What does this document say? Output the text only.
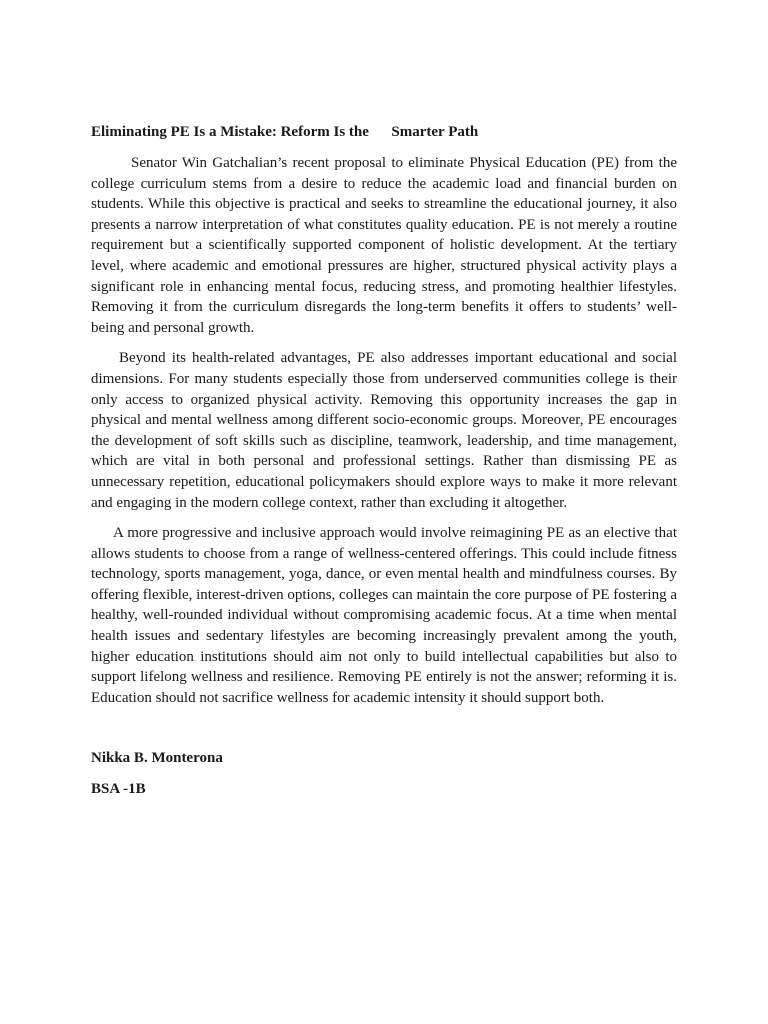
Eliminating PE Is a Mistake: Reform Is the      Smarter Path

Senator Win Gatchalian’s recent proposal to eliminate Physical Education (PE) from the college curriculum stems from a desire to reduce the academic load and financial burden on students. While this objective is practical and seeks to streamline the educational journey, it also presents a narrow interpretation of what constitutes quality education. PE is not merely a routine requirement but a scientifically supported component of holistic development. At the tertiary level, where academic and emotional pressures are higher, structured physical activity plays a significant role in enhancing mental focus, reducing stress, and promoting healthier lifestyles. Removing it from the curriculum disregards the long-term benefits it offers to students’ well-being and personal growth.

Beyond its health-related advantages, PE also addresses important educational and social dimensions. For many students especially those from underserved communities college is their only access to organized physical activity. Removing this opportunity increases the gap in physical and mental wellness among different socio-economic groups. Moreover, PE encourages the development of soft skills such as discipline, teamwork, leadership, and time management, which are vital in both personal and professional settings. Rather than dismissing PE as unnecessary repetition, educational policymakers should explore ways to make it more relevant and engaging in the modern college context, rather than excluding it altogether.

A more progressive and inclusive approach would involve reimagining PE as an elective that allows students to choose from a range of wellness-centered offerings. This could include fitness technology, sports management, yoga, dance, or even mental health and mindfulness courses. By offering flexible, interest-driven options, colleges can maintain the core purpose of PE fostering a healthy, well-rounded individual without compromising academic focus. At a time when mental health issues and sedentary lifestyles are becoming increasingly prevalent among the youth, higher education institutions should aim not only to build intellectual capabilities but also to support lifelong wellness and resilience. Removing PE entirely is not the answer; reforming it is. Education should not sacrifice wellness for academic intensity it should support both.

Nikka B. Monterona
BSA -1B
